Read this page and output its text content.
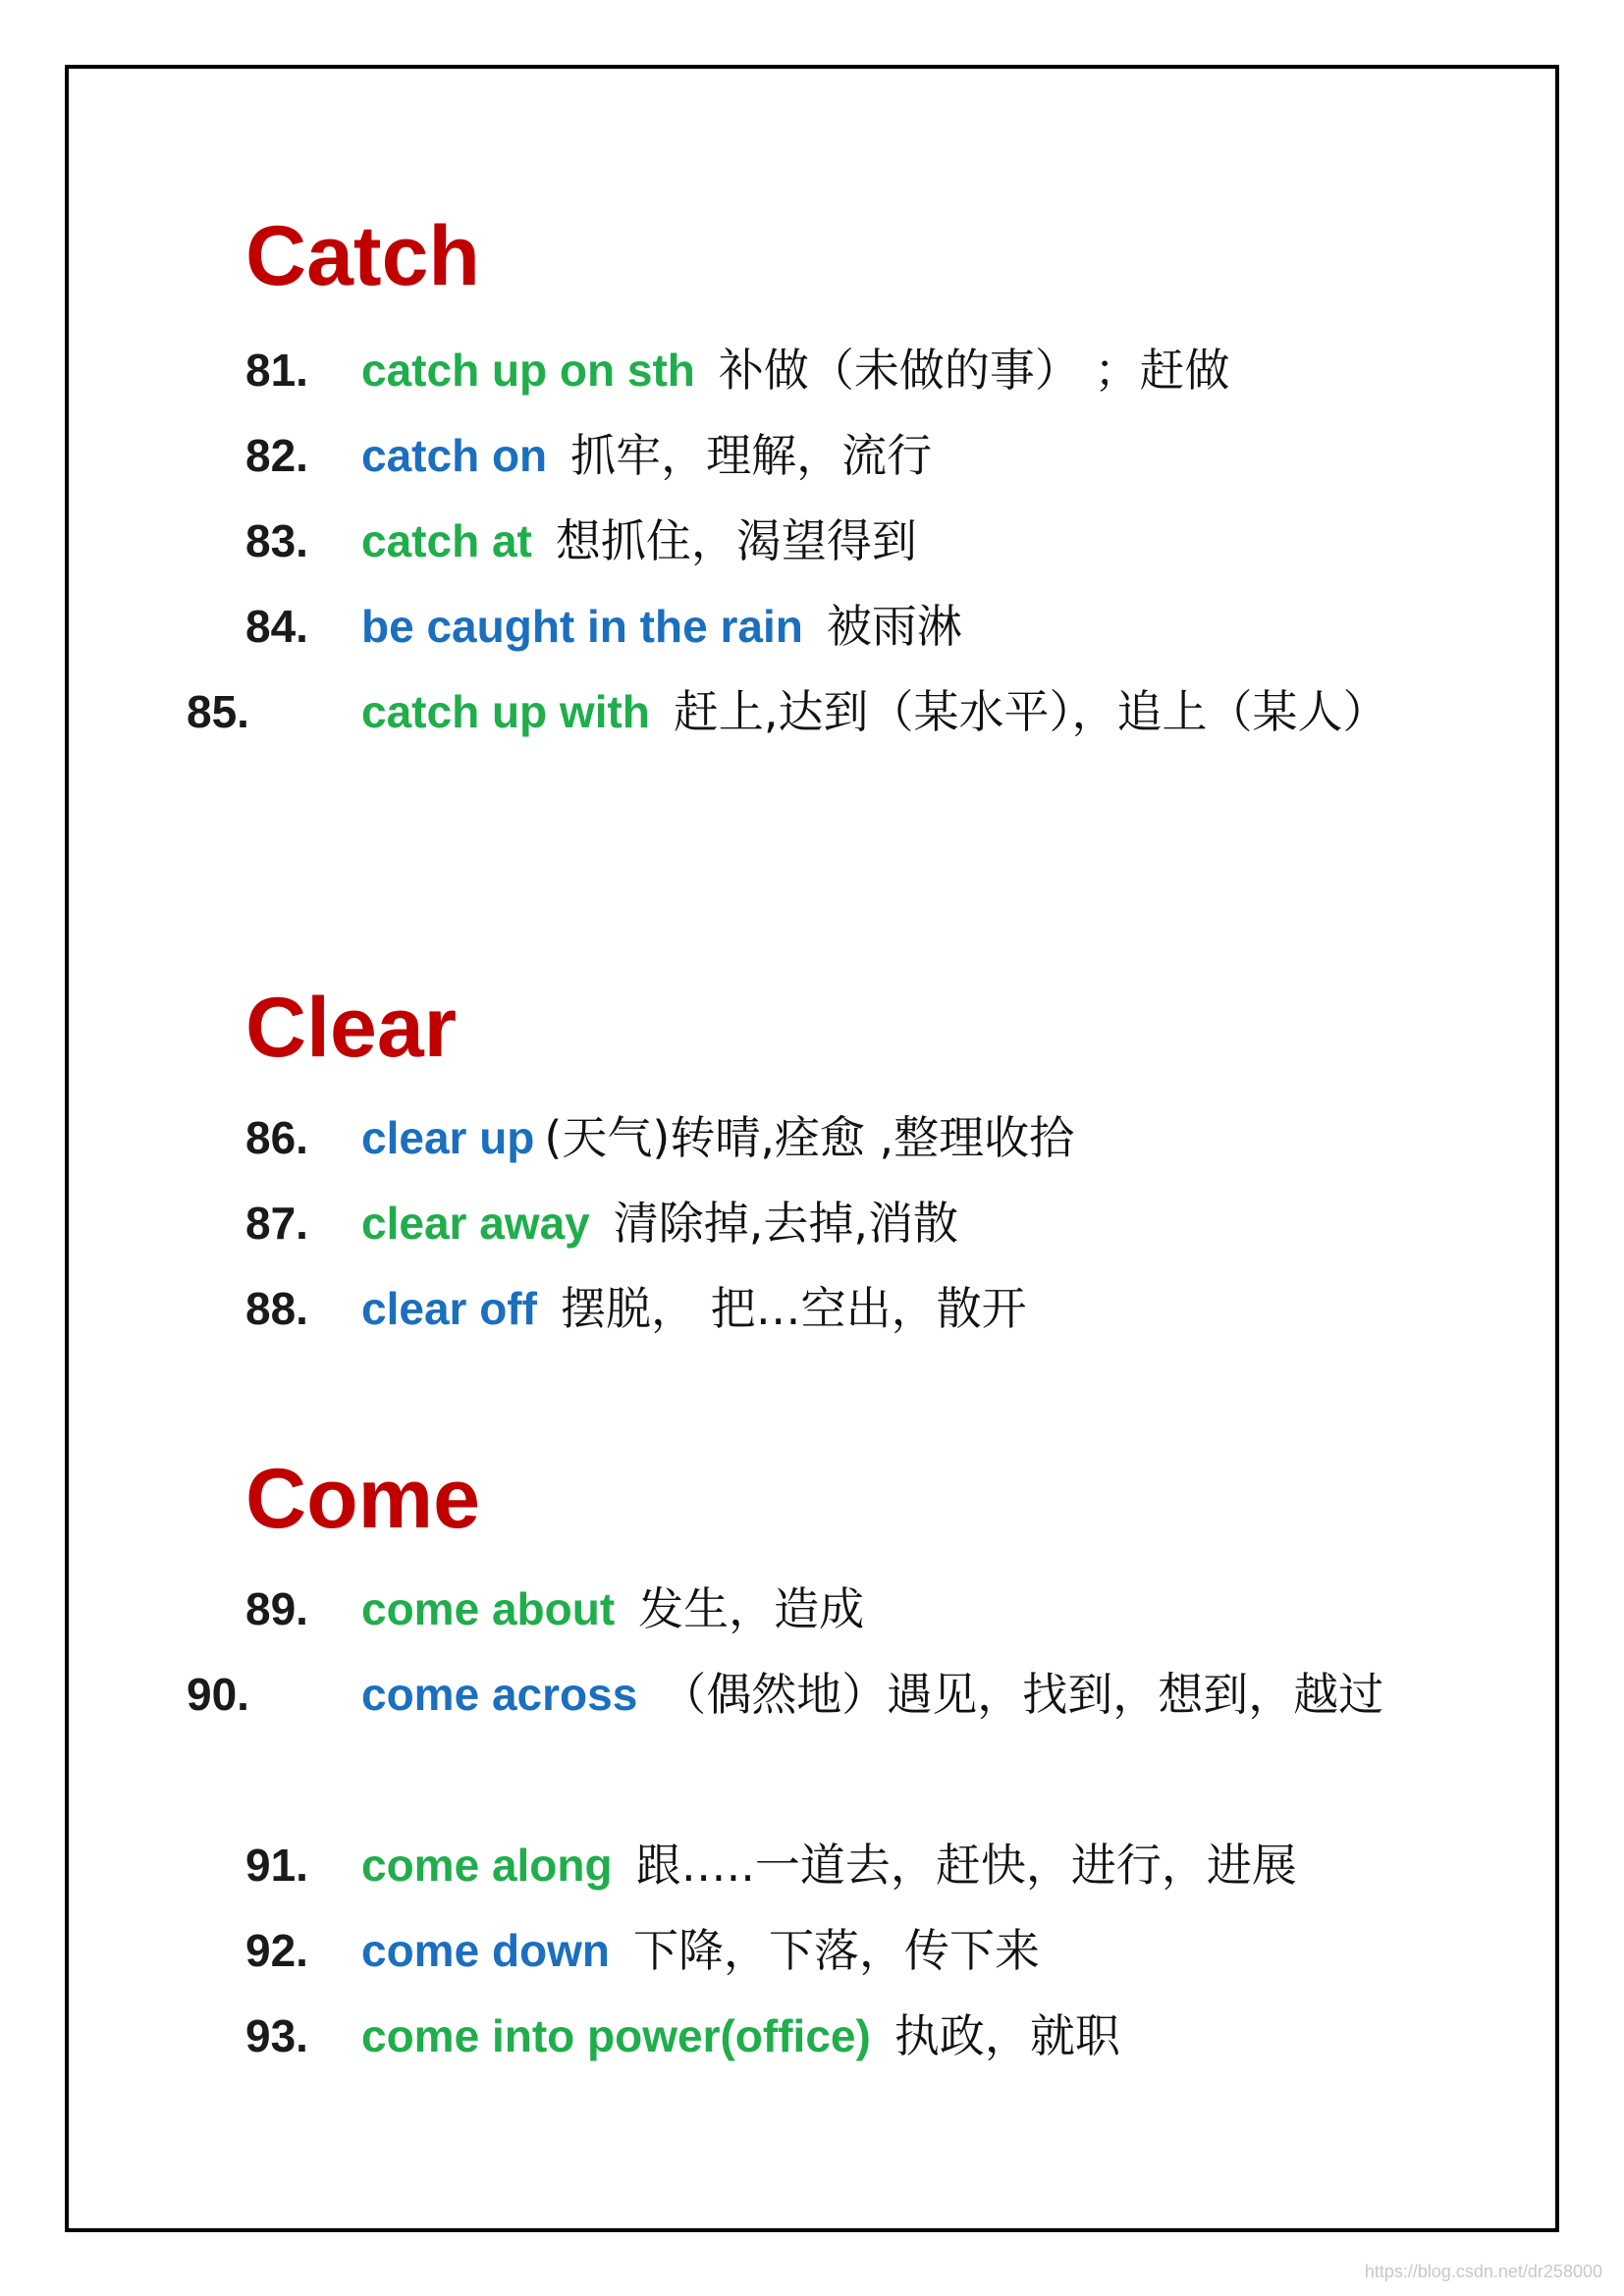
Catch
81. catch up on sth 补做（未做的事） ；赶做
82. catch on 抓牢，理解，流行
83. catch at 想抓住，渴望得到
84. be caught in the rain 被雨淋
85. catch up with 赶上,达到（某水平），追上（某人）
Clear
86. clear up (天气)转晴,痊愈 ,整理收拾
87. clear away 清除掉,去掉,消散
88. clear off 摆脱， 把…空出，散开
Come
89. come about 发生，造成
90. come across （偶然地）遇见，找到，想到，越过
91. come along 跟…..一道去，赶快，进行，进展
92. come down 下降，下落，传下来
93. come into power(office) 执政，就职
https://blog.csdn.net/dr258000
